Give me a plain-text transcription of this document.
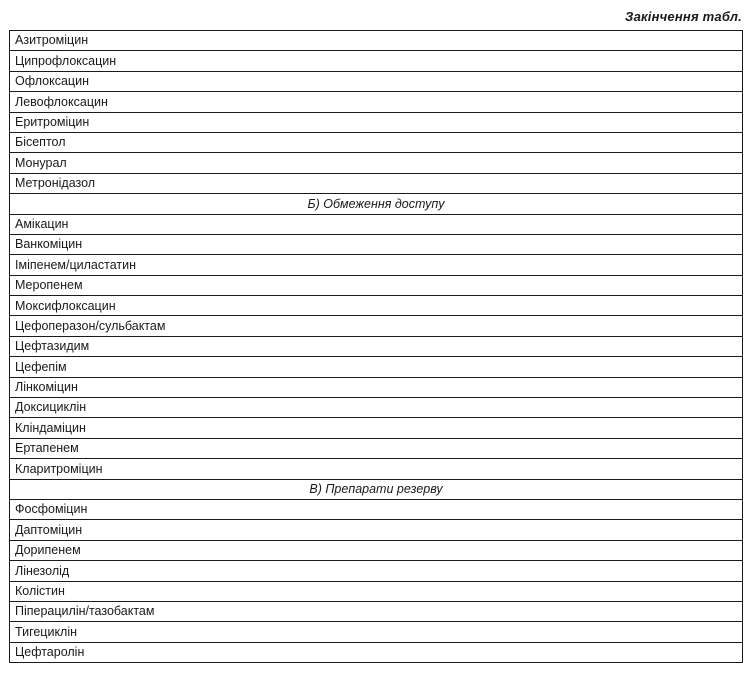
Закінчення табл.
Азитроміцин
Ципрофлоксацин
Офлоксацин
Левофлоксацин
Еритроміцин
Бісептол
Монурал
Метронідазол
Б) Обмеження доступу
Амікацин
Ванкоміцин
Іміпенем/циластатин
Меропенем
Моксифлоксацин
Цефоперазон/сульбактам
Цефтазидим
Цефепім
Лінкоміцин
Доксициклін
Кліндаміцин
Ертапенем
Кларитроміцин
В) Препарати резерву
Фосфоміцин
Даптоміцин
Дорипенем
Лінезолід
Колістин
Піперацилін/тазобактам
Тигециклін
Цефтаролін
